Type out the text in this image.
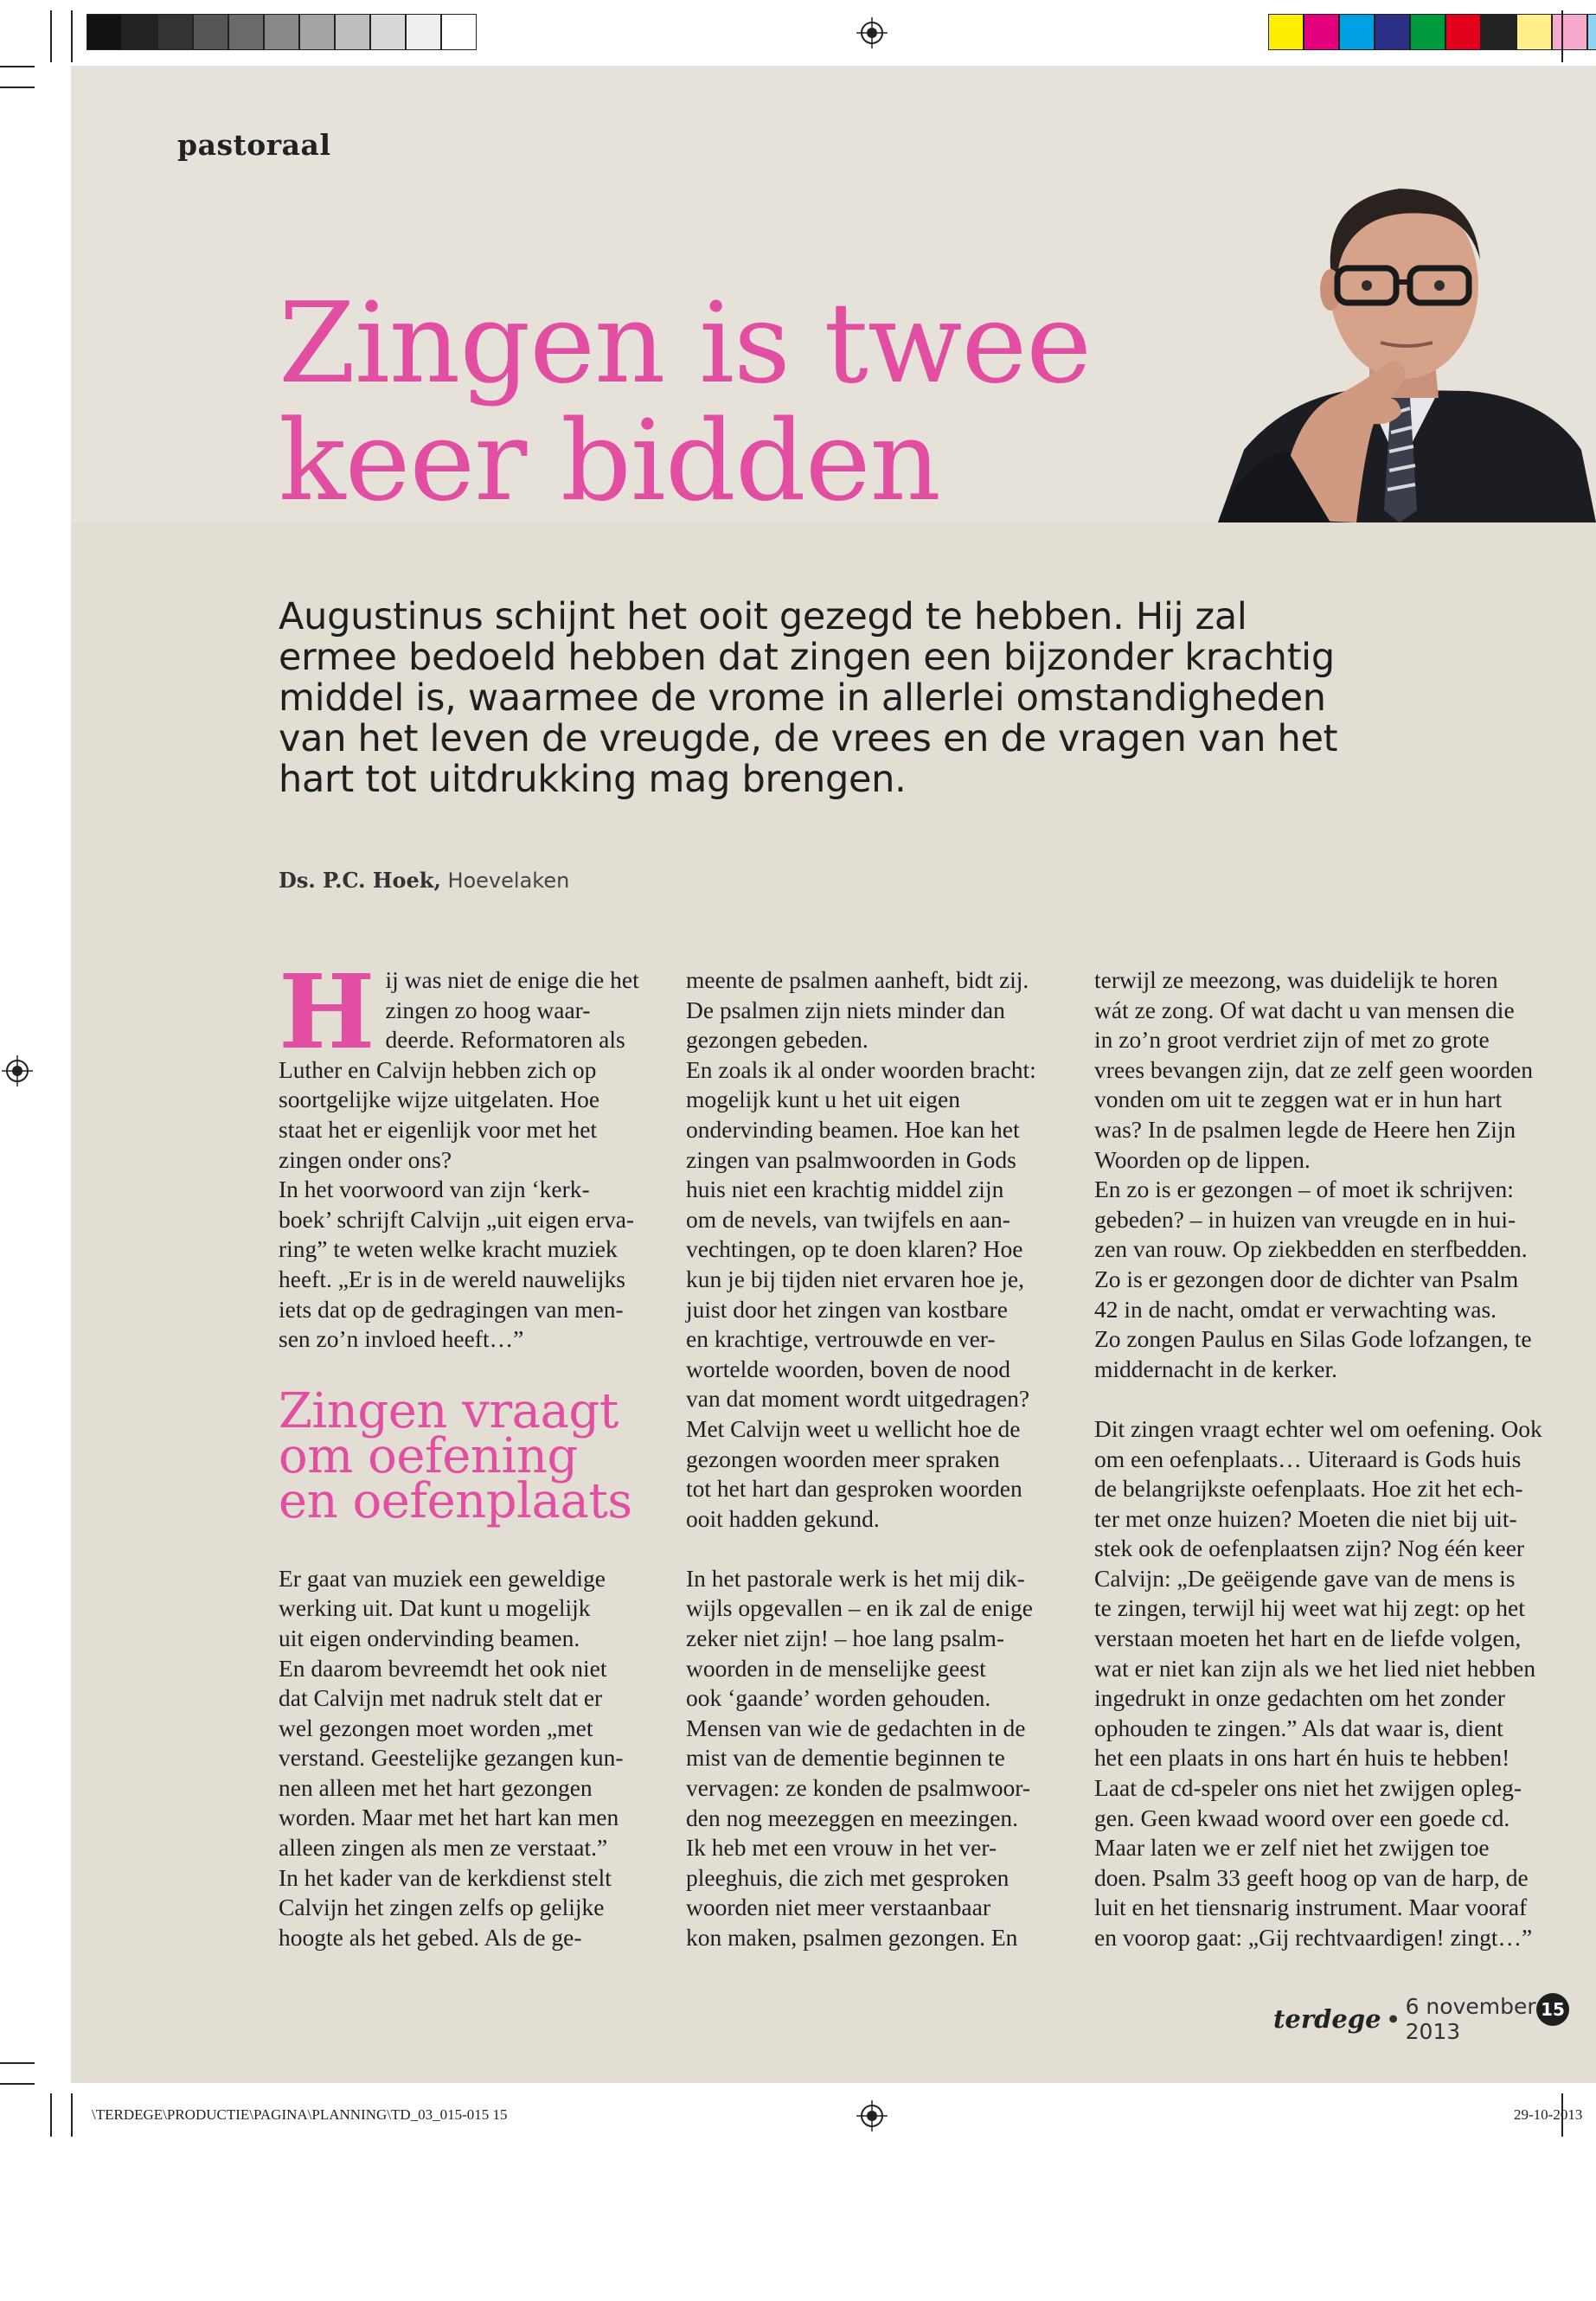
pastoraal
Zingen is twee
keer bidden

Augustinus schijnt het ooit gezegd te hebben. Hij zal
ermee bedoeld hebben dat zingen een bijzonder krachtig
middel is, waarmee de vrome in allerlei omstandigheden
van het leven de vreugde, de vrees en de vragen van het
hart tot uitdrukking mag brengen.

Ds. P.C. Hoek, Hoevelaken
H ij was niet de enige die het
zingen zo hoog waar-
deerde. Reformatoren als
Luther en Calvijn hebben zich op
soortgelijke wijze uitgelaten. Hoe
staat het er eigenlijk voor met het
zingen onder ons?
In het voorwoord van zijn ‘kerk-
boek’ schrijft Calvijn „uit eigen erva-
ring” te weten welke kracht muziek
heeft. „Er is in de wereld nauwelijks
iets dat op de gedragingen van men-
sen zo’n invloed heeft…”

Zingen vraagt
om oefening
en oefenplaats

Er gaat van muziek een geweldige
werking uit. Dat kunt u mogelijk
uit eigen ondervinding beamen.
En daarom bevreemdt het ook niet
dat Calvijn met nadruk stelt dat er
wel gezongen moet worden „met
verstand. Geestelijke gezangen kun-
nen alleen met het hart gezongen
worden. Maar met het hart kan men
alleen zingen als men ze verstaat.”
In het kader van de kerkdienst stelt
Calvijn het zingen zelfs op gelijke
hoogte als het gebed. Als de ge-

meente de psalmen aanheft, bidt zij.
De psalmen zijn niets minder dan
gezongen gebeden.
En zoals ik al onder woorden bracht:
mogelijk kunt u het uit eigen
ondervinding beamen. Hoe kan het
zingen van psalmwoorden in Gods
huis niet een krachtig middel zijn
om de nevels, van twijfels en aan-
vechtingen, op te doen klaren? Hoe
kun je bij tijden niet ervaren hoe je,
juist door het zingen van kostbare
en krachtige, vertrouwde en ver-
wortelde woorden, boven de nood
van dat moment wordt uitgedragen?
Met Calvijn weet u wellicht hoe de
gezongen woorden meer spraken
tot het hart dan gesproken woorden
ooit hadden gekund.

In het pastorale werk is het mij dik-
wijls opgevallen – en ik zal de enige
zeker niet zijn! – hoe lang psalm-
woorden in de menselijke geest
ook ‘gaande’ worden gehouden.
Mensen van wie de gedachten in de
mist van de dementie beginnen te
vervagen: ze konden de psalmwoor-
den nog meezeggen en meezingen.
Ik heb met een vrouw in het ver-
pleeghuis, die zich met gesproken
woorden niet meer verstaanbaar
kon maken, psalmen gezongen. En

terwijl ze meezong, was duidelijk te horen
wát ze zong. Of wat dacht u van mensen die
in zo’n groot verdriet zijn of met zo grote
vrees bevangen zijn, dat ze zelf geen woorden
vonden om uit te zeggen wat er in hun hart
was? In de psalmen legde de Heere hen Zijn
Woorden op de lippen.
En zo is er gezongen – of moet ik schrijven:
gebeden? – in huizen van vreugde en in hui-
zen van rouw. Op ziekbedden en sterfbedden.
Zo is er gezongen door de dichter van Psalm
42 in de nacht, omdat er verwachting was.
Zo zongen Paulus en Silas Gode lofzangen, te
middernacht in de kerker.

Dit zingen vraagt echter wel om oefening. Ook
om een oefenplaats… Uiteraard is Gods huis
de belangrijkste oefenplaats. Hoe zit het ech-
ter met onze huizen? Moeten die niet bij uit-
stek ook de oefenplaatsen zijn? Nog één keer
Calvijn: „De geëigende gave van de mens is
te zingen, terwijl hij weet wat hij zegt: op het
verstaan moeten het hart en de liefde volgen,
wat er niet kan zijn als we het lied niet hebben
ingedrukt in onze gedachten om het zonder
ophouden te zingen.” Als dat waar is, dient
het een plaats in ons hart én huis te hebben!
Laat de cd-speler ons niet het zwijgen opleg-
gen. Geen kwaad woord over een goede cd.
Maar laten we er zelf niet het zwijgen toe
doen. Psalm 33 geeft hoog op van de harp, de
luit en het tiensnarig instrument. Maar vooraf
en voorop gaat: „Gij rechtvaardigen! zingt…”

terdege • 6 november 2013
15
\TERDEGE\PRODUCTIE\PAGINA\PLANNING\TD_03_015-015 15	29-10-2013
